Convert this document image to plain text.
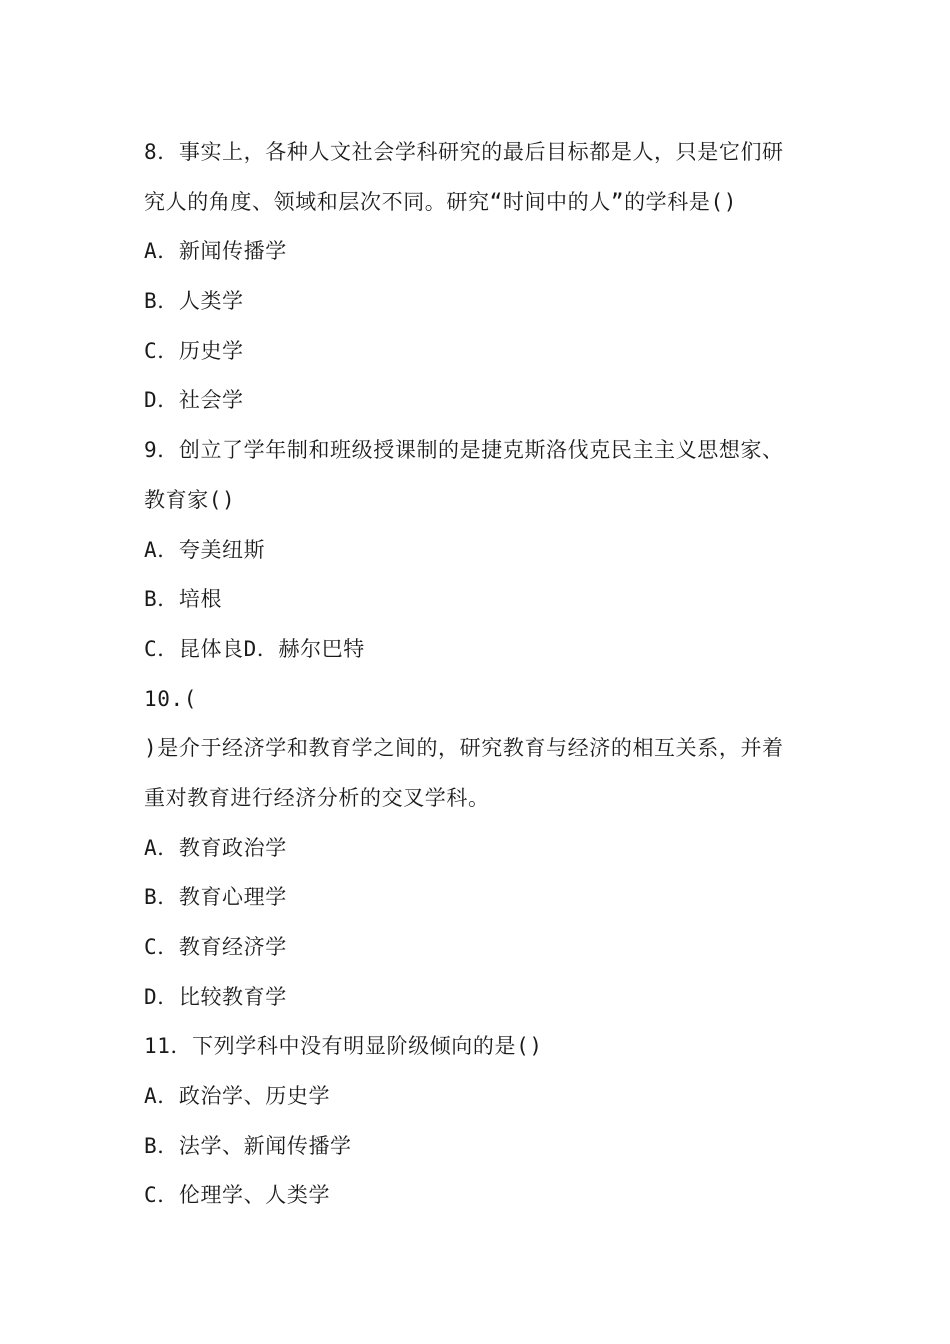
8．事实上，各种人文社会学科研究的最后目标都是人，只是它们研
究人的角度、领域和层次不同。研究“时间中的人”的学科是()
A．新闻传播学
B．人类学
C．历史学
D．社会学
9．创立了学年制和班级授课制的是捷克斯洛伐克民主主义思想家、
教育家()
A．夸美纽斯
B．培根
C．昆体良D．赫尔巴特
10.(
)是介于经济学和教育学之间的，研究教育与经济的相互关系，并着
重对教育进行经济分析的交叉学科。
A．教育政治学
B．教育心理学
C．教育经济学
D．比较教育学
11．下列学科中没有明显阶级倾向的是()
A．政治学、历史学
B．法学、新闻传播学
C．伦理学、人类学
